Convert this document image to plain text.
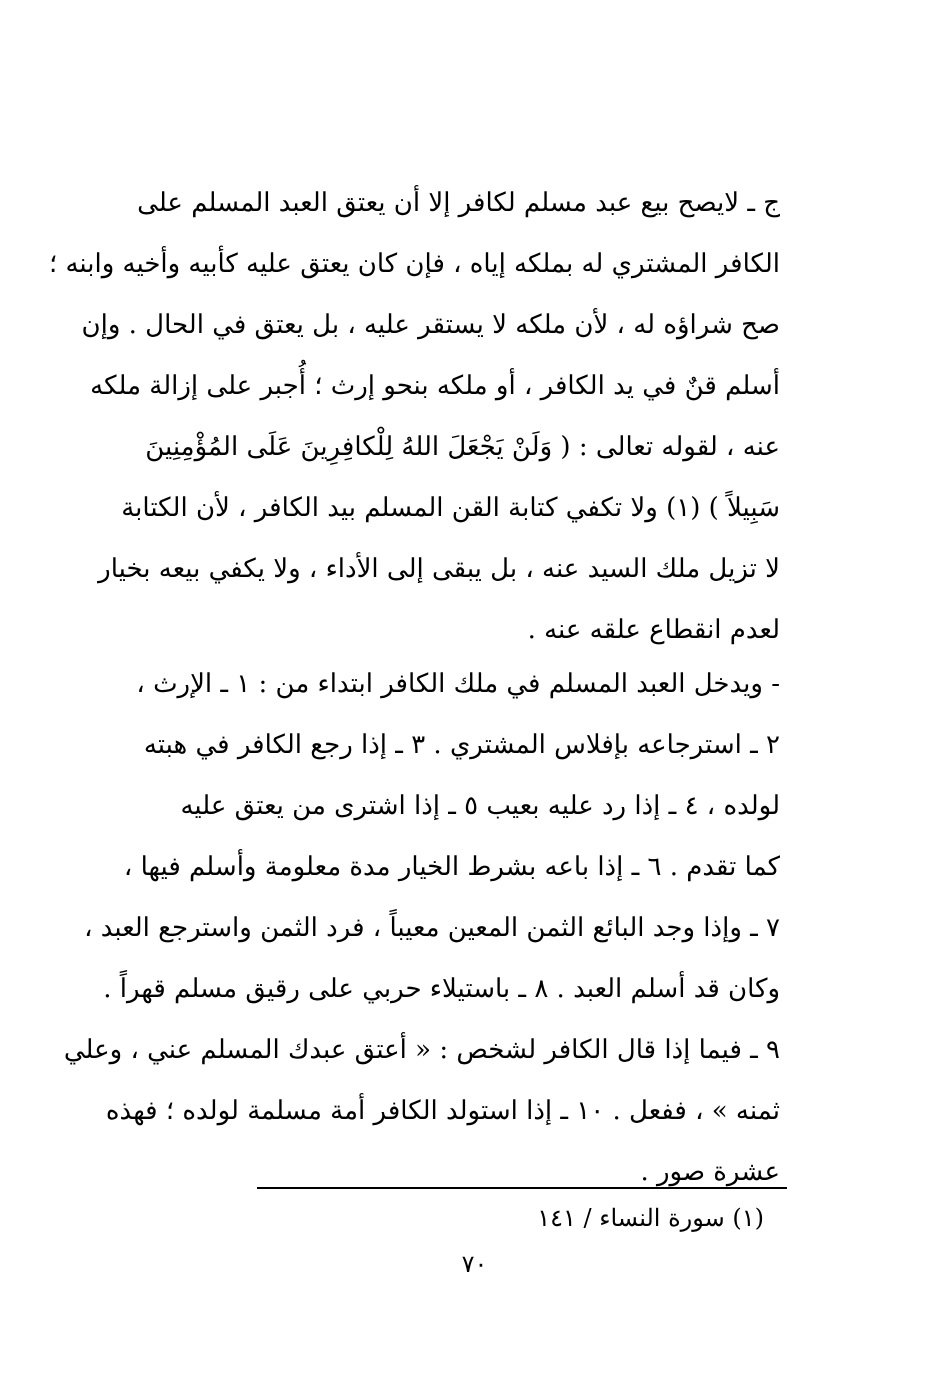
ج ـ لايصح بيع عبد مسلم لكافر إلا أن يعتق العبد المسلم على
الكافر المشتري له بملكه إياه ، فإن كان يعتق عليه كأبيه وأخيه وابنه ؛
صح شراؤه له ، لأن ملكه لا يستقر عليه ، بل يعتق في الحال . وإن
أسلم قنٌ في يد الكافر ، أو ملكه بنحو إرث ؛ أُجبر على إزالة ملكه
عنه ، لقوله تعالى : ( وَلَنْ يَجْعَلَ اللهُ لِلْكافِرِينَ عَلَى المُؤْمِنِينَ
سَبِيلاً ) (١) ولا تكفي كتابة القن المسلم بيد الكافر ، لأن الكتابة
لا تزيل ملك السيد عنه ، بل يبقى إلى الأداء ، ولا يكفي بيعه بخيار
لعدم انقطاع علقه عنه .
- ويدخل العبد المسلم في ملك الكافر ابتداء من : ١ ـ الإرث ،
٢ ـ استرجاعه بإفلاس المشتري . ٣ ـ إذا رجع الكافر في هبته
لولده ، ٤ ـ إذا رد عليه بعيب ٥ ـ إذا اشترى من يعتق عليه
كما تقدم . ٦ ـ إذا باعه بشرط الخيار مدة معلومة وأسلم فيها ،
٧ ـ وإذا وجد البائع الثمن المعين معيباً ، فرد الثمن واسترجع العبد ،
وكان قد أسلم العبد . ٨ ـ باستيلاء حربي على رقيق مسلم قهراً .
٩ ـ فيما إذا قال الكافر لشخص : « أعتق عبدك المسلم عني ، وعلي
ثمنه » ، ففعل . ١٠ ـ إذا استولد الكافر أمة مسلمة لولده ؛ فهذه
عشرة صور .
(١) سورة النساء / ١٤١
٧٠
